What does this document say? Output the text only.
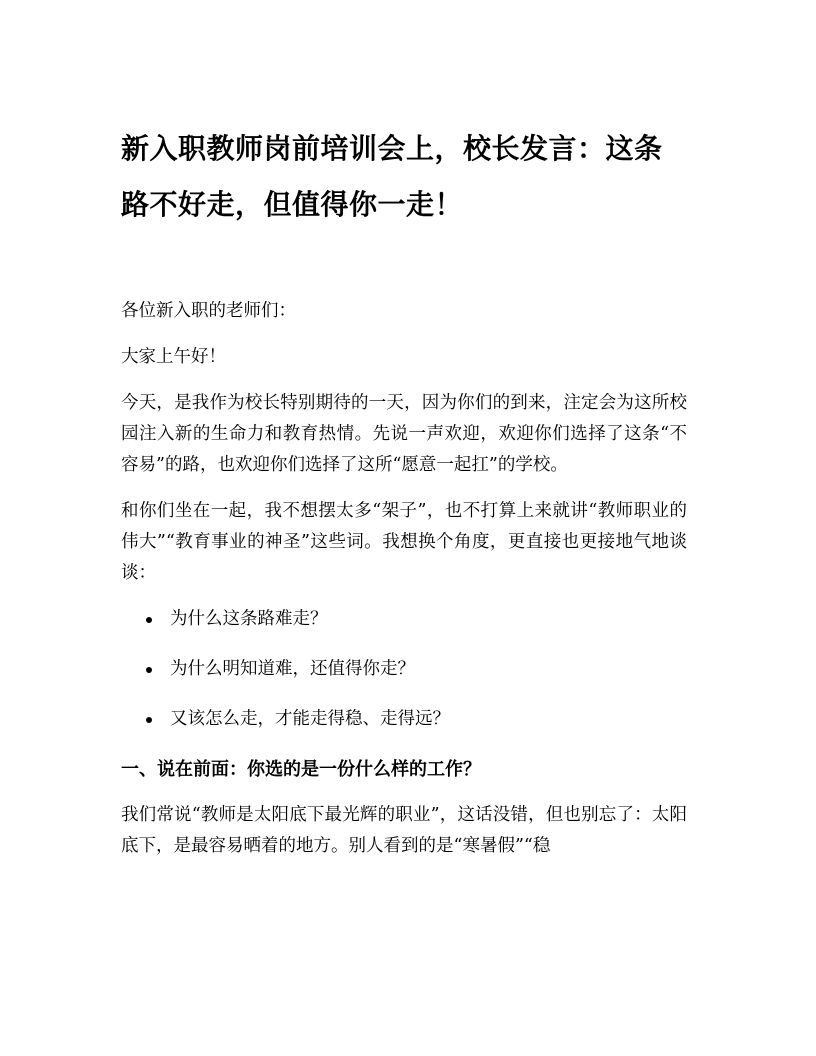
新入职教师岗前培训会上，校长发言：这条路不好走，但值得你一走！

各位新入职的老师们：

大家上午好！

今天，是我作为校长特别期待的一天，因为你们的到来，注定会为这所校园注入新的生命力和教育热情。先说一声欢迎，欢迎你们选择了这条“不容易”的路，也欢迎你们选择了这所“愿意一起扛”的学校。

和你们坐在一起，我不想摆太多“架子”，也不打算上来就讲“教师职业的伟大”“教育事业的神圣”这些词。我想换个角度，更直接也更接地气地谈谈：

为什么这条路难走？
为什么明知道难，还值得你走？
又该怎么走，才能走得稳、走得远？
一、说在前面：你选的是一份什么样的工作？

我们常说“教师是太阳底下最光辉的职业”，这话没错，但也别忘了：太阳底下，是最容易晒着的地方。别人看到的是“寒暑假”“稳
